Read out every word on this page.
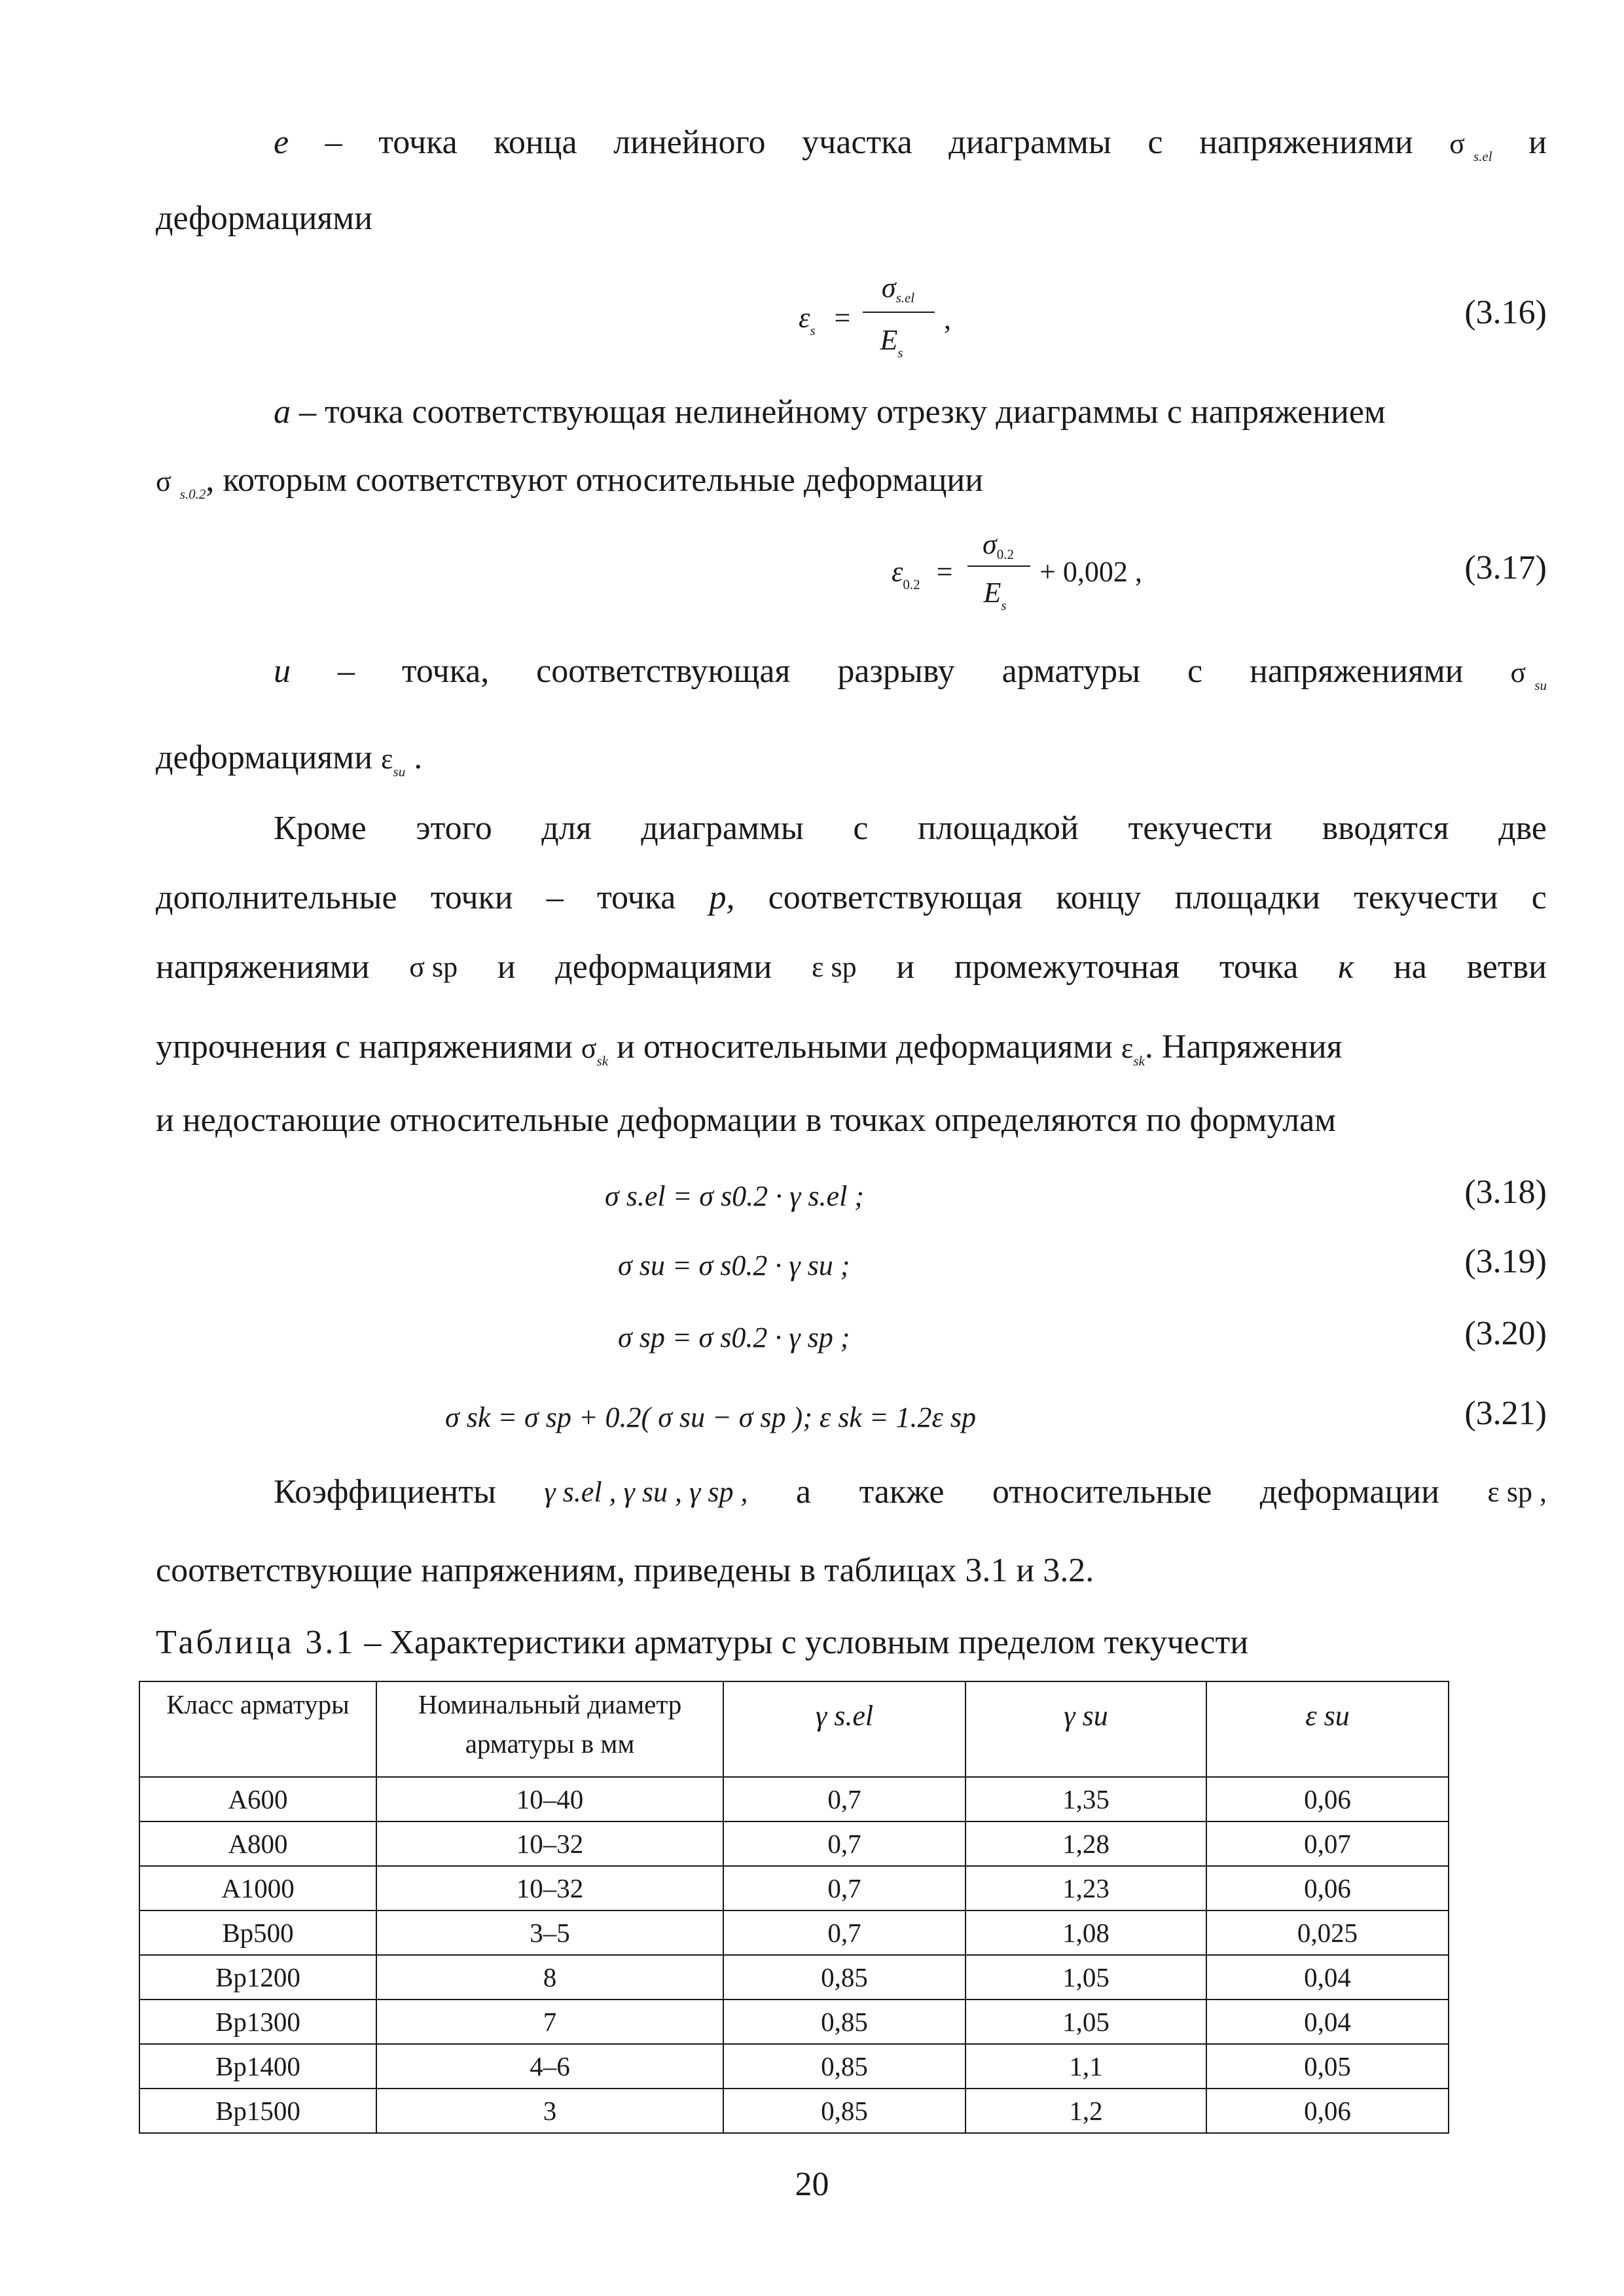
e – точка конца линейного участка диаграммы с напряжениями σ $_{s.el}$ и
деформациями
$\varepsilon_s$ =
σs.el
$E_s$
,	(3.16)
a – точка соответствующая нелинейному отрезку диаграммы с напряжением
σ $_{s.0.2}$, которым соответствуют относительные деформации
$\varepsilon_{0.2}$ =
σ0.2
$E_s$
+ 0,002 ,	(3.17)
u – точка, соответствующая разрыву арматуры с напряжениями σ $_{su}$
деформациями $\varepsilon_{su}$ .
Кроме этого для диаграммы с площадкой текучести вводятся две
дополнительные точки – точка p, соответствующая концу площадки текучести с
напряжениями σ sp и деформациями ε sp и промежуточная точка к на ветви
упрочнения с напряжениями $\sigma_{sk}$ и относительными деформациями $\varepsilon_{sk}$. Напряжения
и недостающие относительные деформации в точках определяются по формулам
σ s.el = σ s0.2 · γ s.el ;	(3.18)
σ su = σ s0.2 · γ su ;	(3.19)
σ sp = σ s0.2 · γ sp ;	(3.20)
σ sk = σ sp + 0.2( σ su − σ sp ); ε sk = 1.2ε sp	(3.21)
Коэффициенты γ s.el , γ su , γ sp , а также относительные деформации ε sp ,
соответствующие напряжениям, приведены в таблицах 3.1 и 3.2.
Таблица 3.1 – Характеристики арматуры с условным пределом текучести
Класс арматуры	Номинальный диаметр арматуры в мм	γ s.el	γ su	ε su
А600	10–40	0,7	1,35	0,06
А800	10–32	0,7	1,28	0,07
А1000	10–32	0,7	1,23	0,06
Вр500	3–5	0,7	1,08	0,025
Вр1200	8	0,85	1,05	0,04
Вр1300	7	0,85	1,05	0,04
Вр1400	4–6	0,85	1,1	0,05
Вр1500	3	0,85	1,2	0,06
20
